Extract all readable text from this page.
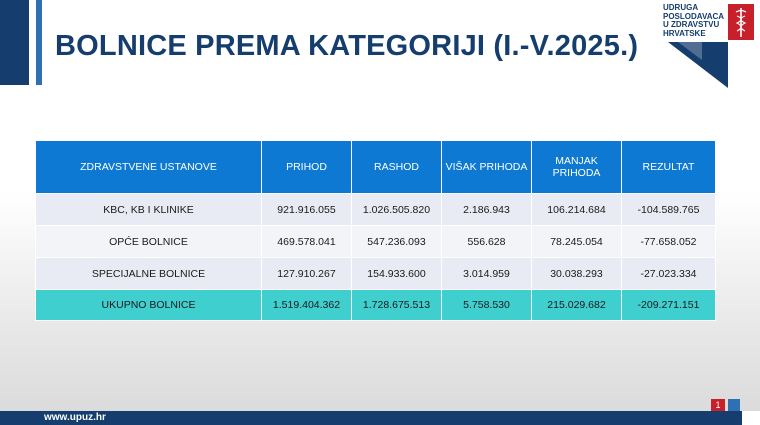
BOLNICE PREMA KATEGORIJI (I.-V.2025.)
UDRUGA
POSLODAVACA
U ZDRAVSTVU
HRVATSKE
ZDRAVSTVENE USTANOVE	PRIHOD	RASHOD	VIŠAK PRIHODA	MANJAK PRIHODA	REZULTAT
KBC, KB I KLINIKE	921.916.055	1.026.505.820	2.186.943	106.214.684	-104.589.765
OPĆE BOLNICE	469.578.041	547.236.093	556.628	78.245.054	-77.658.052
SPECIJALNE BOLNICE	127.910.267	154.933.600	3.014.959	30.038.293	-27.023.334
UKUPNO BOLNICE	1.519.404.362	1.728.675.513	5.758.530	215.029.682	-209.271.151
www.upuz.hr
1
